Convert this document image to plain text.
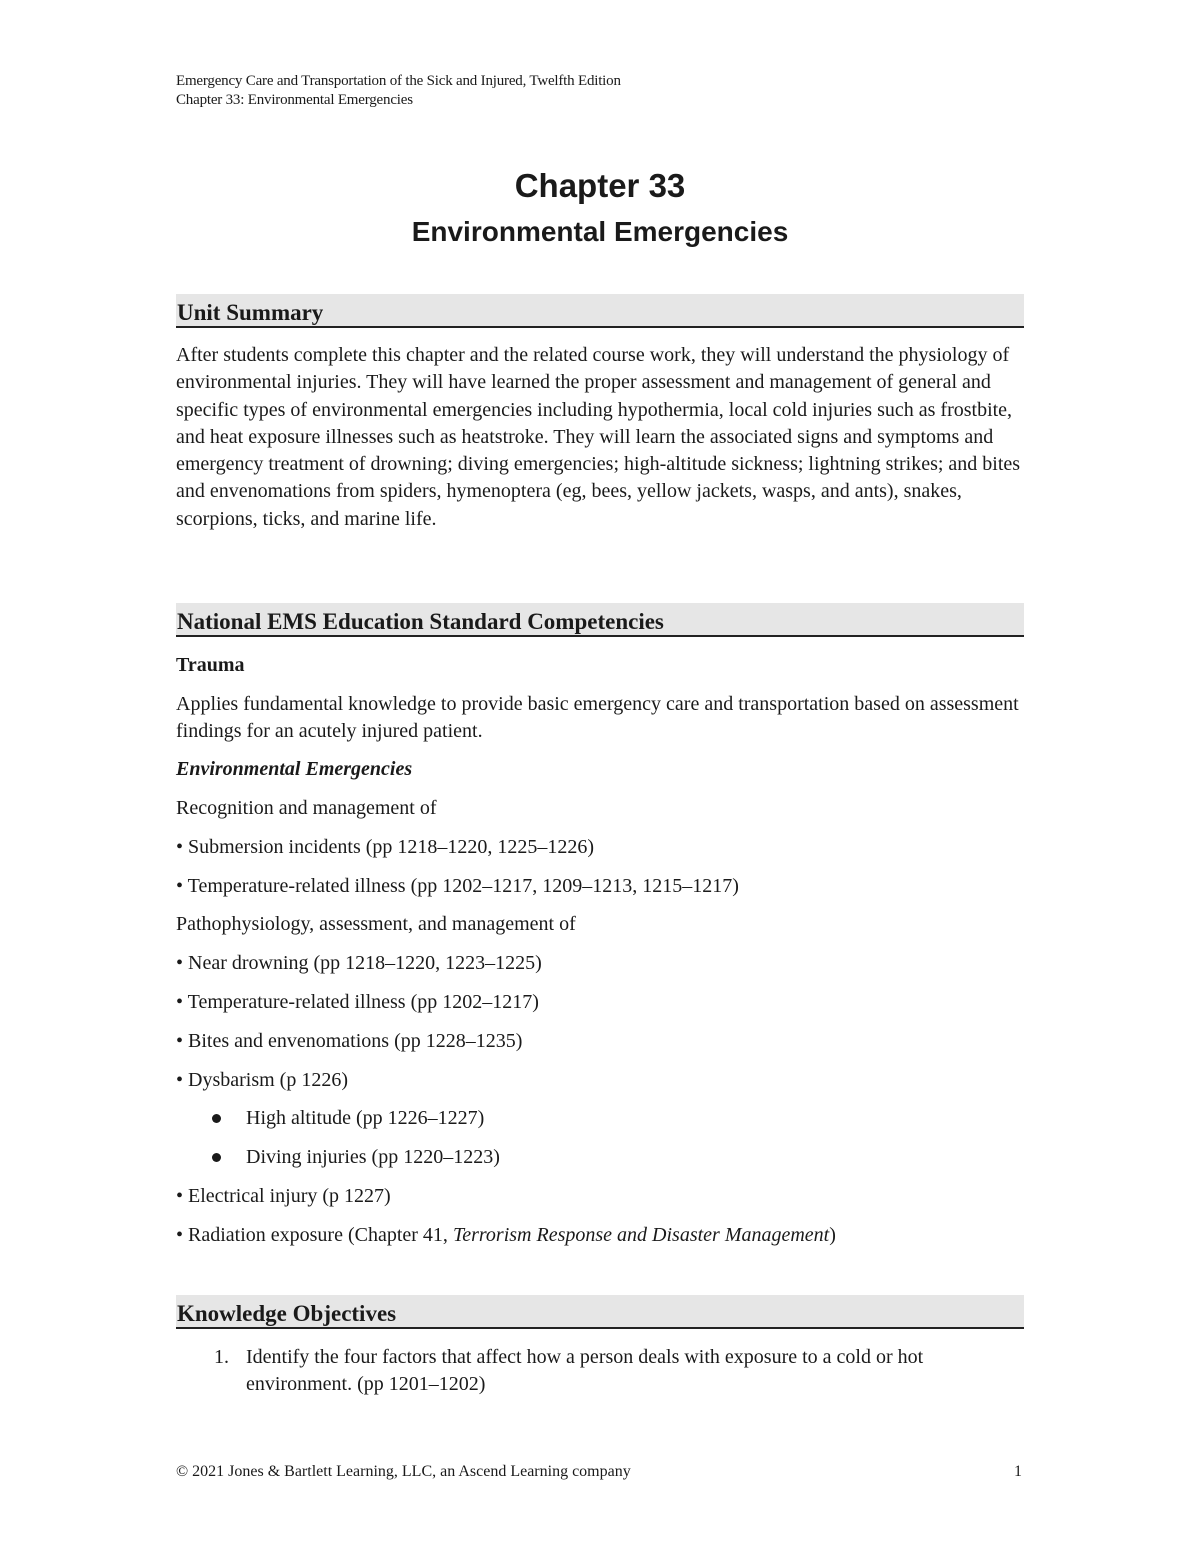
Emergency Care and Transportation of the Sick and Injured, Twelfth Edition
Chapter 33: Environmental Emergencies
Chapter 33
Environmental Emergencies
Unit Summary
After students complete this chapter and the related course work, they will understand the physiology of environmental injuries. They will have learned the proper assessment and management of general and specific types of environmental emergencies including hypothermia, local cold injuries such as frostbite, and heat exposure illnesses such as heatstroke. They will learn the associated signs and symptoms and emergency treatment of drowning; diving emergencies; high-altitude sickness; lightning strikes; and bites and envenomations from spiders, hymenoptera (eg, bees, yellow jackets, wasps, and ants), snakes, scorpions, ticks, and marine life.
National EMS Education Standard Competencies
Trauma
Applies fundamental knowledge to provide basic emergency care and transportation based on assessment findings for an acutely injured patient.
Environmental Emergencies
Recognition and management of
• Submersion incidents (pp 1218–1220, 1225–1226)
• Temperature-related illness (pp 1202–1217, 1209–1213, 1215–1217)
Pathophysiology, assessment, and management of
• Near drowning (pp 1218–1220, 1223–1225)
• Temperature-related illness (pp 1202–1217)
• Bites and envenomations (pp 1228–1235)
• Dysbarism (p 1226)
High altitude (pp 1226–1227)
Diving injuries (pp 1220–1223)
• Electrical injury (p 1227)
• Radiation exposure (Chapter 41, Terrorism Response and Disaster Management)
Knowledge Objectives
1. Identify the four factors that affect how a person deals with exposure to a cold or hot environment. (pp 1201–1202)
© 2021 Jones & Bartlett Learning, LLC, an Ascend Learning company	1
